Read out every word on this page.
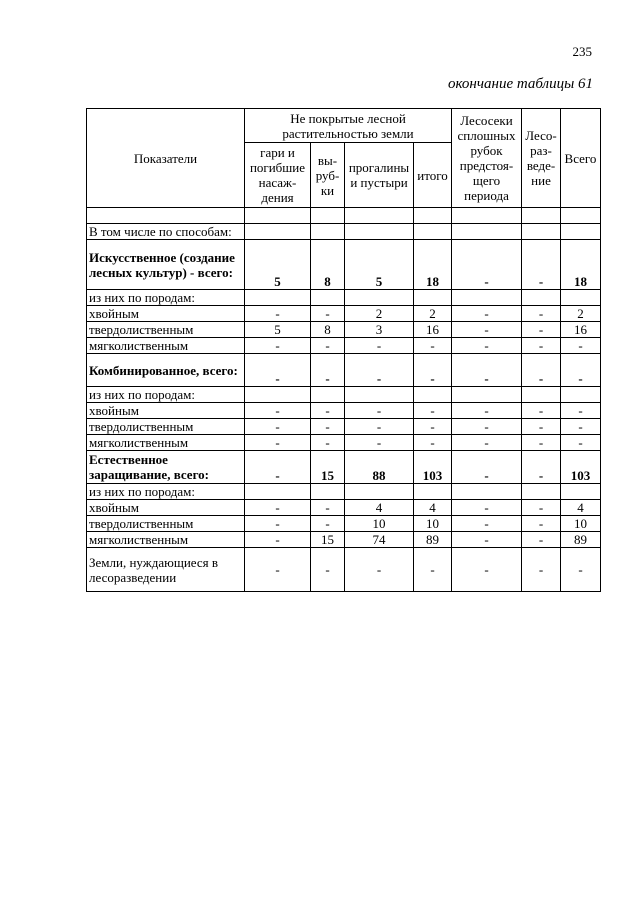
235
окончание таблицы 61
Показатели	Не покрытые лесной растительностью земли				Лесосеки сплошных рубок предстоя-щего периода	Лесо-раз-веде-ние	Всего
	гари и погибшие насаж-дения	вы-руб-ки	прогалины и пустыри	итого			

В том числе по способам:							
Искусственное (создание лесных культур) - всего:	5	8	5	18	-	-	18
из них по породам:							
хвойным	-	-	2	2	-	-	2
твердолиственным	5	8	3	16	-	-	16
мягколиственным	-	-	-	-	-	-	-
Комбинированное, всего:	-	-	-	-	-	-	-
из них по породам:							
хвойным	-	-	-	-	-	-	-
твердолиственным	-	-	-	-	-	-	-
мягколиственным	-	-	-	-	-	-	-
Естественное заращивание, всего:	-	15	88	103	-	-	103
из них по породам:							
хвойным	-	-	4	4	-	-	4
твердолиственным	-	-	10	10	-	-	10
мягколиственным	-	15	74	89	-	-	89
Земли, нуждающиеся в лесоразведении	-	-	-	-	-	-	-
